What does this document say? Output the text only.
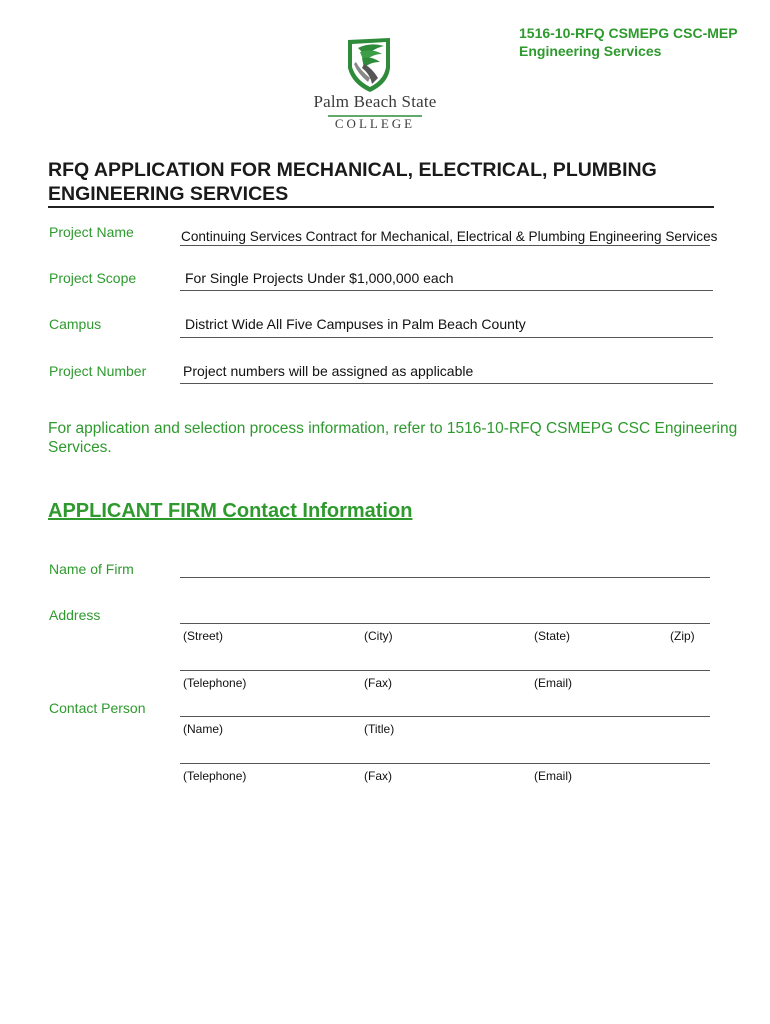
1516-10-RFQ CSMEPG CSC-MEP
Engineering Services
Palm Beach State
COLLEGE
RFQ APPLICATION FOR MECHANICAL, ELECTRICAL, PLUMBING
ENGINEERING SERVICES
Project Name	Continuing Services Contract for Mechanical, Electrical & Plumbing Engineering Services
Project Scope	For Single Projects Under $1,000,000 each
Campus	District Wide All Five Campuses in Palm Beach County
Project Number	Project numbers will be assigned as applicable
For application and selection process information, refer to 1516-10-RFQ CSMEPG CSC Engineering Services.
APPLICANT FIRM Contact Information
Name of Firm
Address
(Street)	(City)	(State)	(Zip)
(Telephone)	(Fax)	(Email)
Contact Person
(Name)	(Title)
(Telephone)	(Fax)	(Email)
